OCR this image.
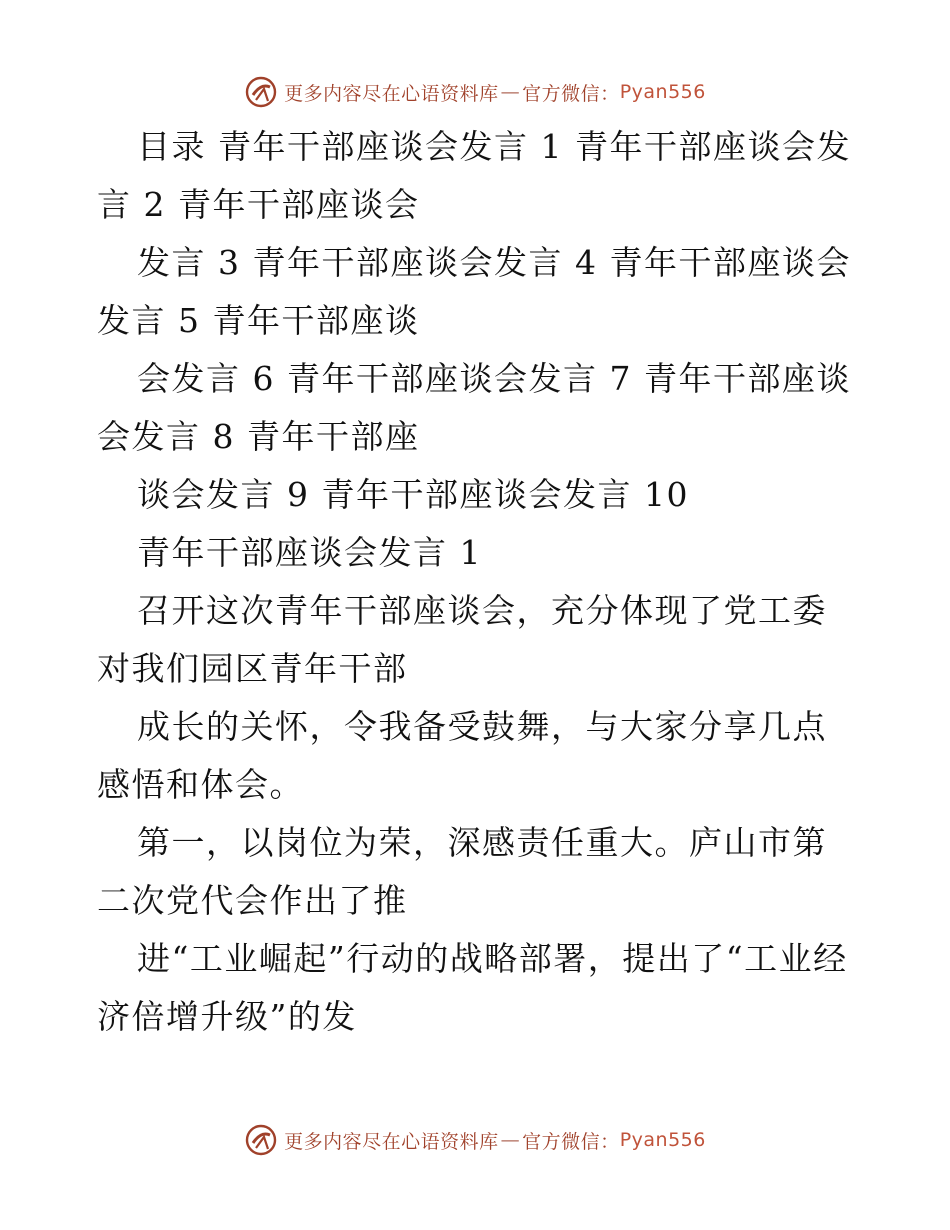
更多内容尽在心语资料库 — 官方微信： Pyan556

目录 青年干部座谈会发言 1 青年干部座谈会发言 2 青年干部座谈会

发言 3 青年干部座谈会发言 4 青年干部座谈会发言 5 青年干部座谈

会发言 6 青年干部座谈会发言 7 青年干部座谈会发言 8 青年干部座

谈会发言 9 青年干部座谈会发言 10

青年干部座谈会发言 1

召开这次青年干部座谈会，充分体现了党工委对我们园区青年干部

成长的关怀，令我备受鼓舞，与大家分享几点感悟和体会。

第一，以岗位为荣，深感责任重大。庐山市第二次党代会作出了推

进“工业崛起”行动的战略部署，提出了“工业经济倍增升级”的发

更多内容尽在心语资料库 — 官方微信： Pyan556
